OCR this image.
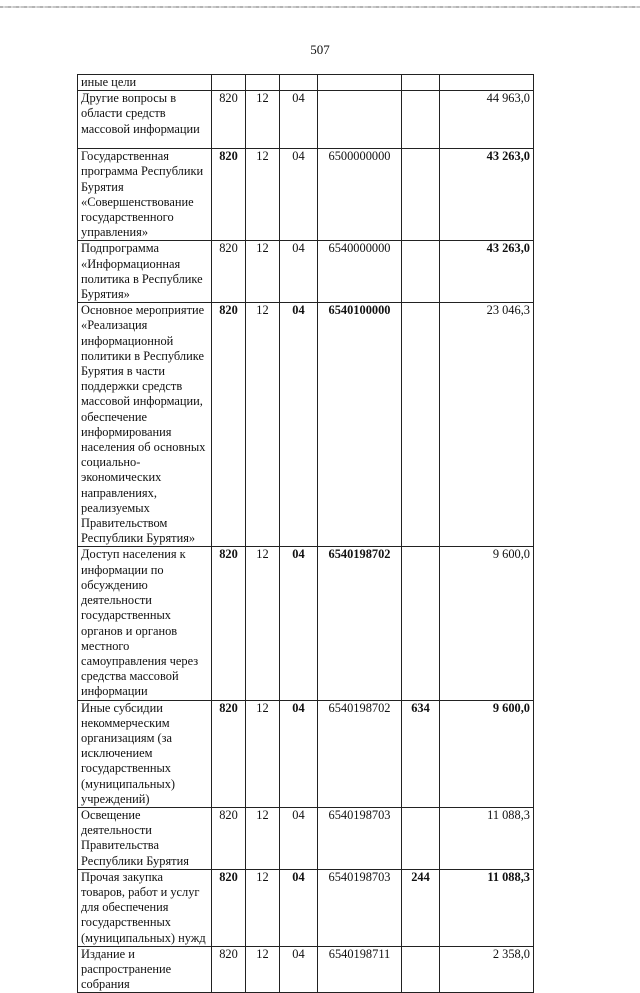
507
иные цели						
Другие вопросы в области средств массовой информации	820	12	04			44 963,0
Государственная программа Республики Бурятия «Совершенствование государственного управления»	820	12	04	6500000000		43 263,0
Подпрограмма «Информационная политика в Республике Бурятия»	820	12	04	6540000000		43 263,0
Основное мероприятие «Реализация информационной политики в Республике Бурятия в части поддержки средств массовой информации, обеспечение информирования населения об основных социально-экономических направлениях, реализуемых Правительством Республики Бурятия»	820	12	04	6540100000		23 046,3
Доступ населения к информации по обсуждению деятельности государственных органов и органов местного самоуправления через средства массовой информации	820	12	04	6540198702		9 600,0
Иные субсидии некоммерческим организациям (за исключением государственных (муниципальных) учреждений)	820	12	04	6540198702	634	9 600,0
Освещение деятельности Правительства Республики Бурятия	820	12	04	6540198703		11 088,3
Прочая закупка товаров, работ и услуг для обеспечения государственных (муниципальных) нужд	820	12	04	6540198703	244	11 088,3
Издание и распространение собрания	820	12	04	6540198711		2 358,0
